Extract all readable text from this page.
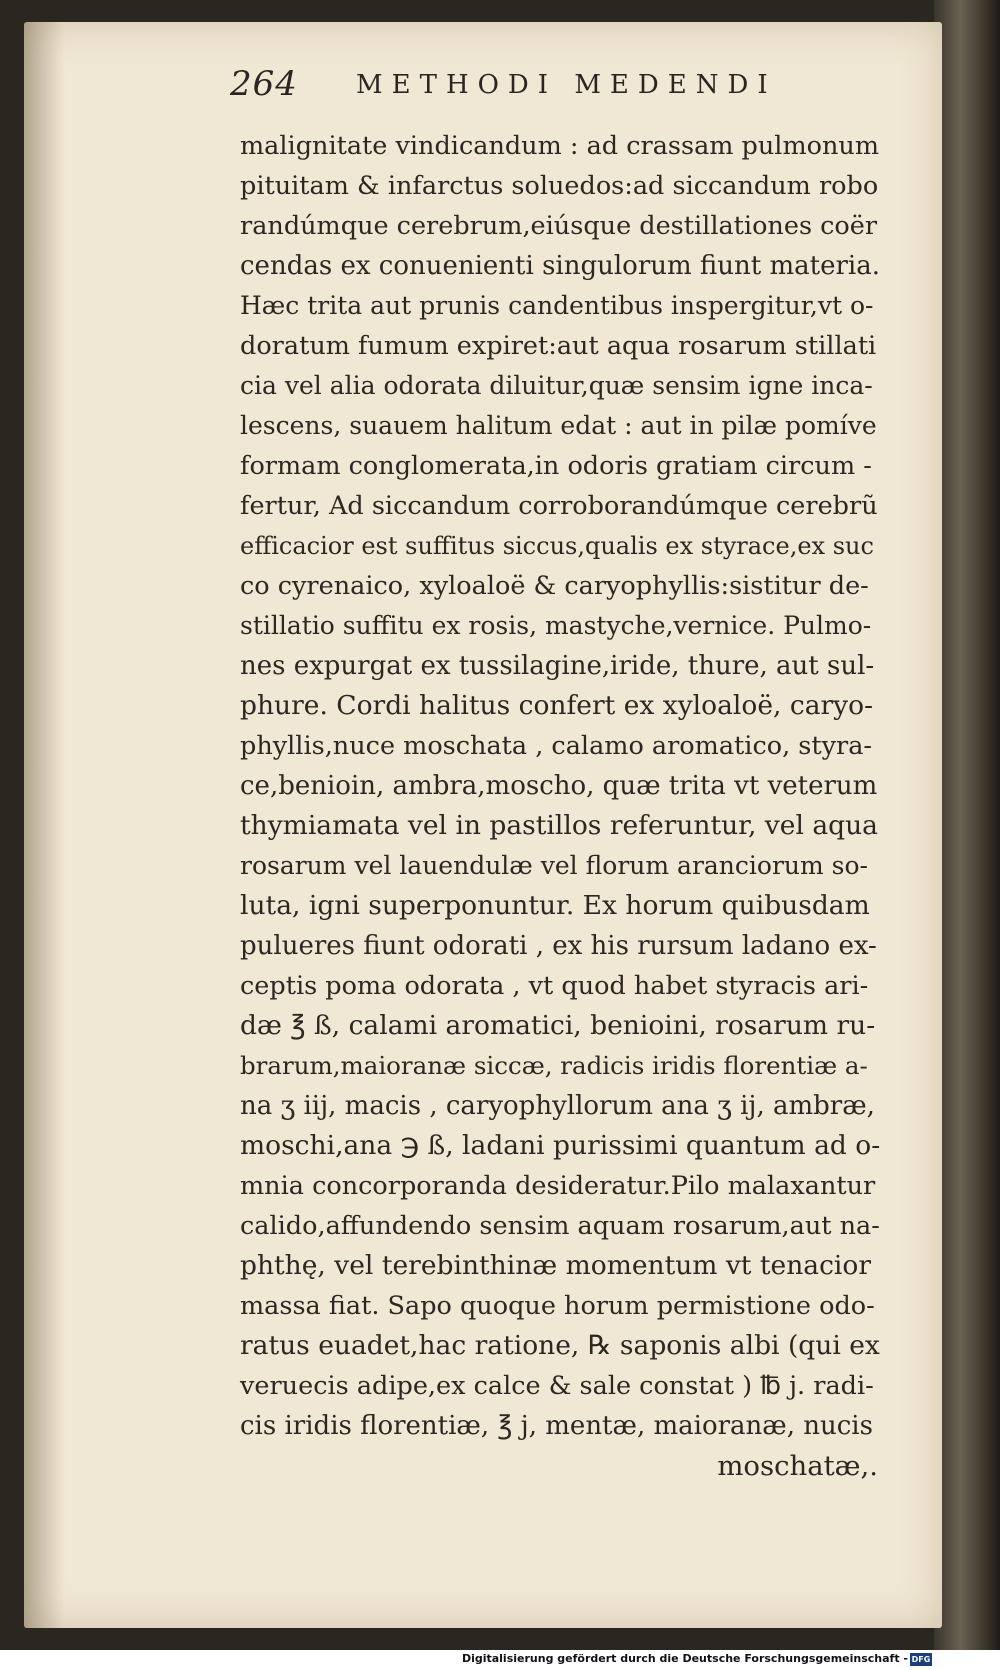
264 METHODI MEDENDI
malignitate vindicandum : ad crassam pulmonum
pituitam & infarctus soluedos:ad siccandum robo
randúmque cerebrum,eiúsque destillationes coër
cendas ex conuenienti singulorum fiunt materia.
Hæc trita aut prunis candentibus inspergitur,vt o-
doratum fumum expiret:aut aqua rosarum stillati
cia vel alia odorata diluitur,quæ sensim igne inca-
lescens, suauem halitum edat : aut in pilæ pomíve
formam conglomerata,in odoris gratiam circum -
fertur, Ad siccandum corroborandúmque cerebrũ
efficacior est suffitus siccus,qualis ex styrace,ex suc
co cyrenaico, xyloaloë & caryophyllis:sistitur de-
stillatio suffitu ex rosis, mastyche,vernice. Pulmo-
nes expurgat ex tussilagine,iride, thure, aut sul-
phure. Cordi halitus confert ex xyloaloë, caryo-
phyllis,nuce moschata , calamo aromatico, styra-
ce,benioin, ambra,moscho, quæ trita vt veterum
thymiamata vel in pastillos referuntur, vel aqua
rosarum vel lauendulæ vel florum aranciorum so-
luta, igni superponuntur. Ex horum quibusdam
pulueres fiunt odorati , ex his rursum ladano ex-
ceptis poma odorata , vt quod habet styracis ari-
dæ ℥ ß, calami aromatici, benioini, rosarum ru-
brarum,maioranæ siccæ, radicis iridis florentiæ a-
na ʒ iij, macis , caryophyllorum ana ʒ ij, ambræ,
moschi,ana ℈ ß, ladani purissimi quantum ad o-
mnia concorporanda desideratur.Pilo malaxantur
calido,affundendo sensim aquam rosarum,aut na-
phthę, vel terebinthinæ momentum vt tenacior
massa fiat. Sapo quoque horum permistione odo-
ratus euadet,hac ratione, ℞ saponis albi (qui ex
veruecis adipe,ex calce & sale constat ) ℔ j. radi-
cis iridis florentiæ, ℥ j, mentæ, maioranæ, nucis
moschatæ,.
Digitalisierung gefördert durch die Deutsche Forschungsgemeinschaft - DFG
